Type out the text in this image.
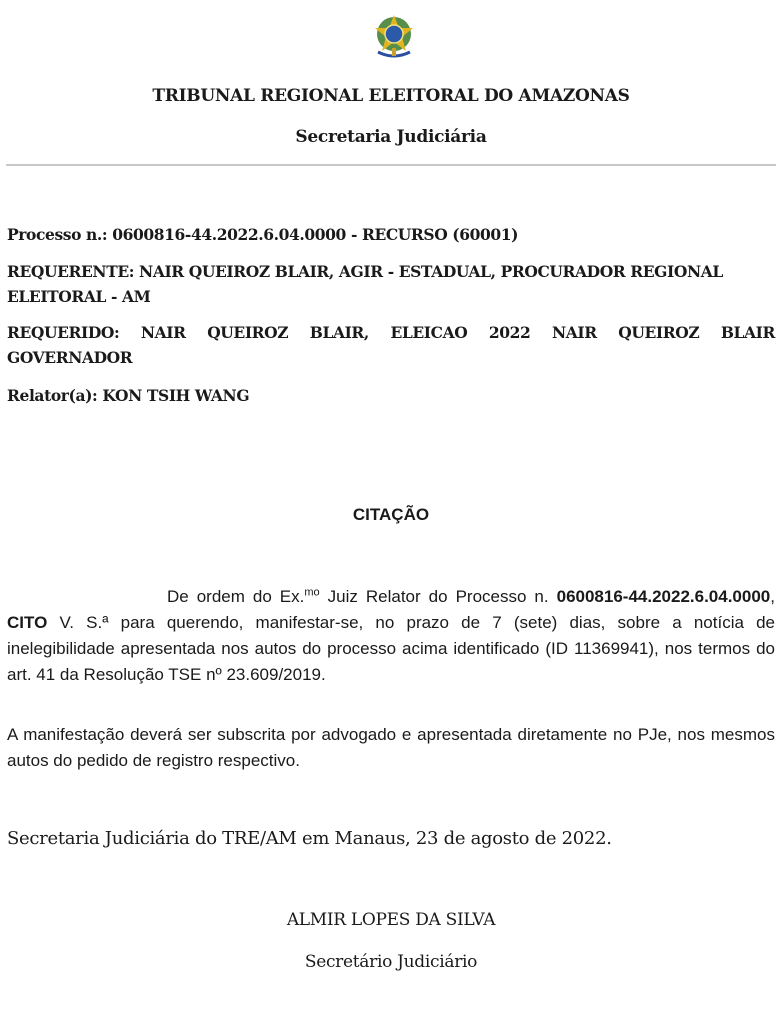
TRIBUNAL REGIONAL ELEITORAL DO AMAZONAS
Secretaria Judiciária
Processo n.: 0600816-44.2022.6.04.0000 - RECURSO (60001)
REQUERENTE: NAIR QUEIROZ BLAIR, AGIR - ESTADUAL, PROCURADOR REGIONAL ELEITORAL - AM
REQUERIDO: NAIR QUEIROZ BLAIR, ELEICAO 2022 NAIR QUEIROZ BLAIR
GOVERNADOR
Relator(a): KON TSIH WANG
CITAÇÃO
De ordem do Ex.$^{mo}$ Juiz Relator do Processo n. 0600816-44.2022.6.04.0000, CITO V. S.ª para querendo, manifestar-se, no prazo de 7 (sete) dias, sobre a notícia de inelegibilidade apresentada nos autos do processo acima identificado (ID 11369941), nos termos do art. 41 da Resolução TSE nº 23.609/2019.
A manifestação deverá ser subscrita por advogado e apresentada diretamente no PJe, nos mesmos autos do pedido de registro respectivo.
Secretaria Judiciária do TRE/AM em Manaus, 23 de agosto de 2022.
ALMIR LOPES DA SILVA
Secretário Judiciário
